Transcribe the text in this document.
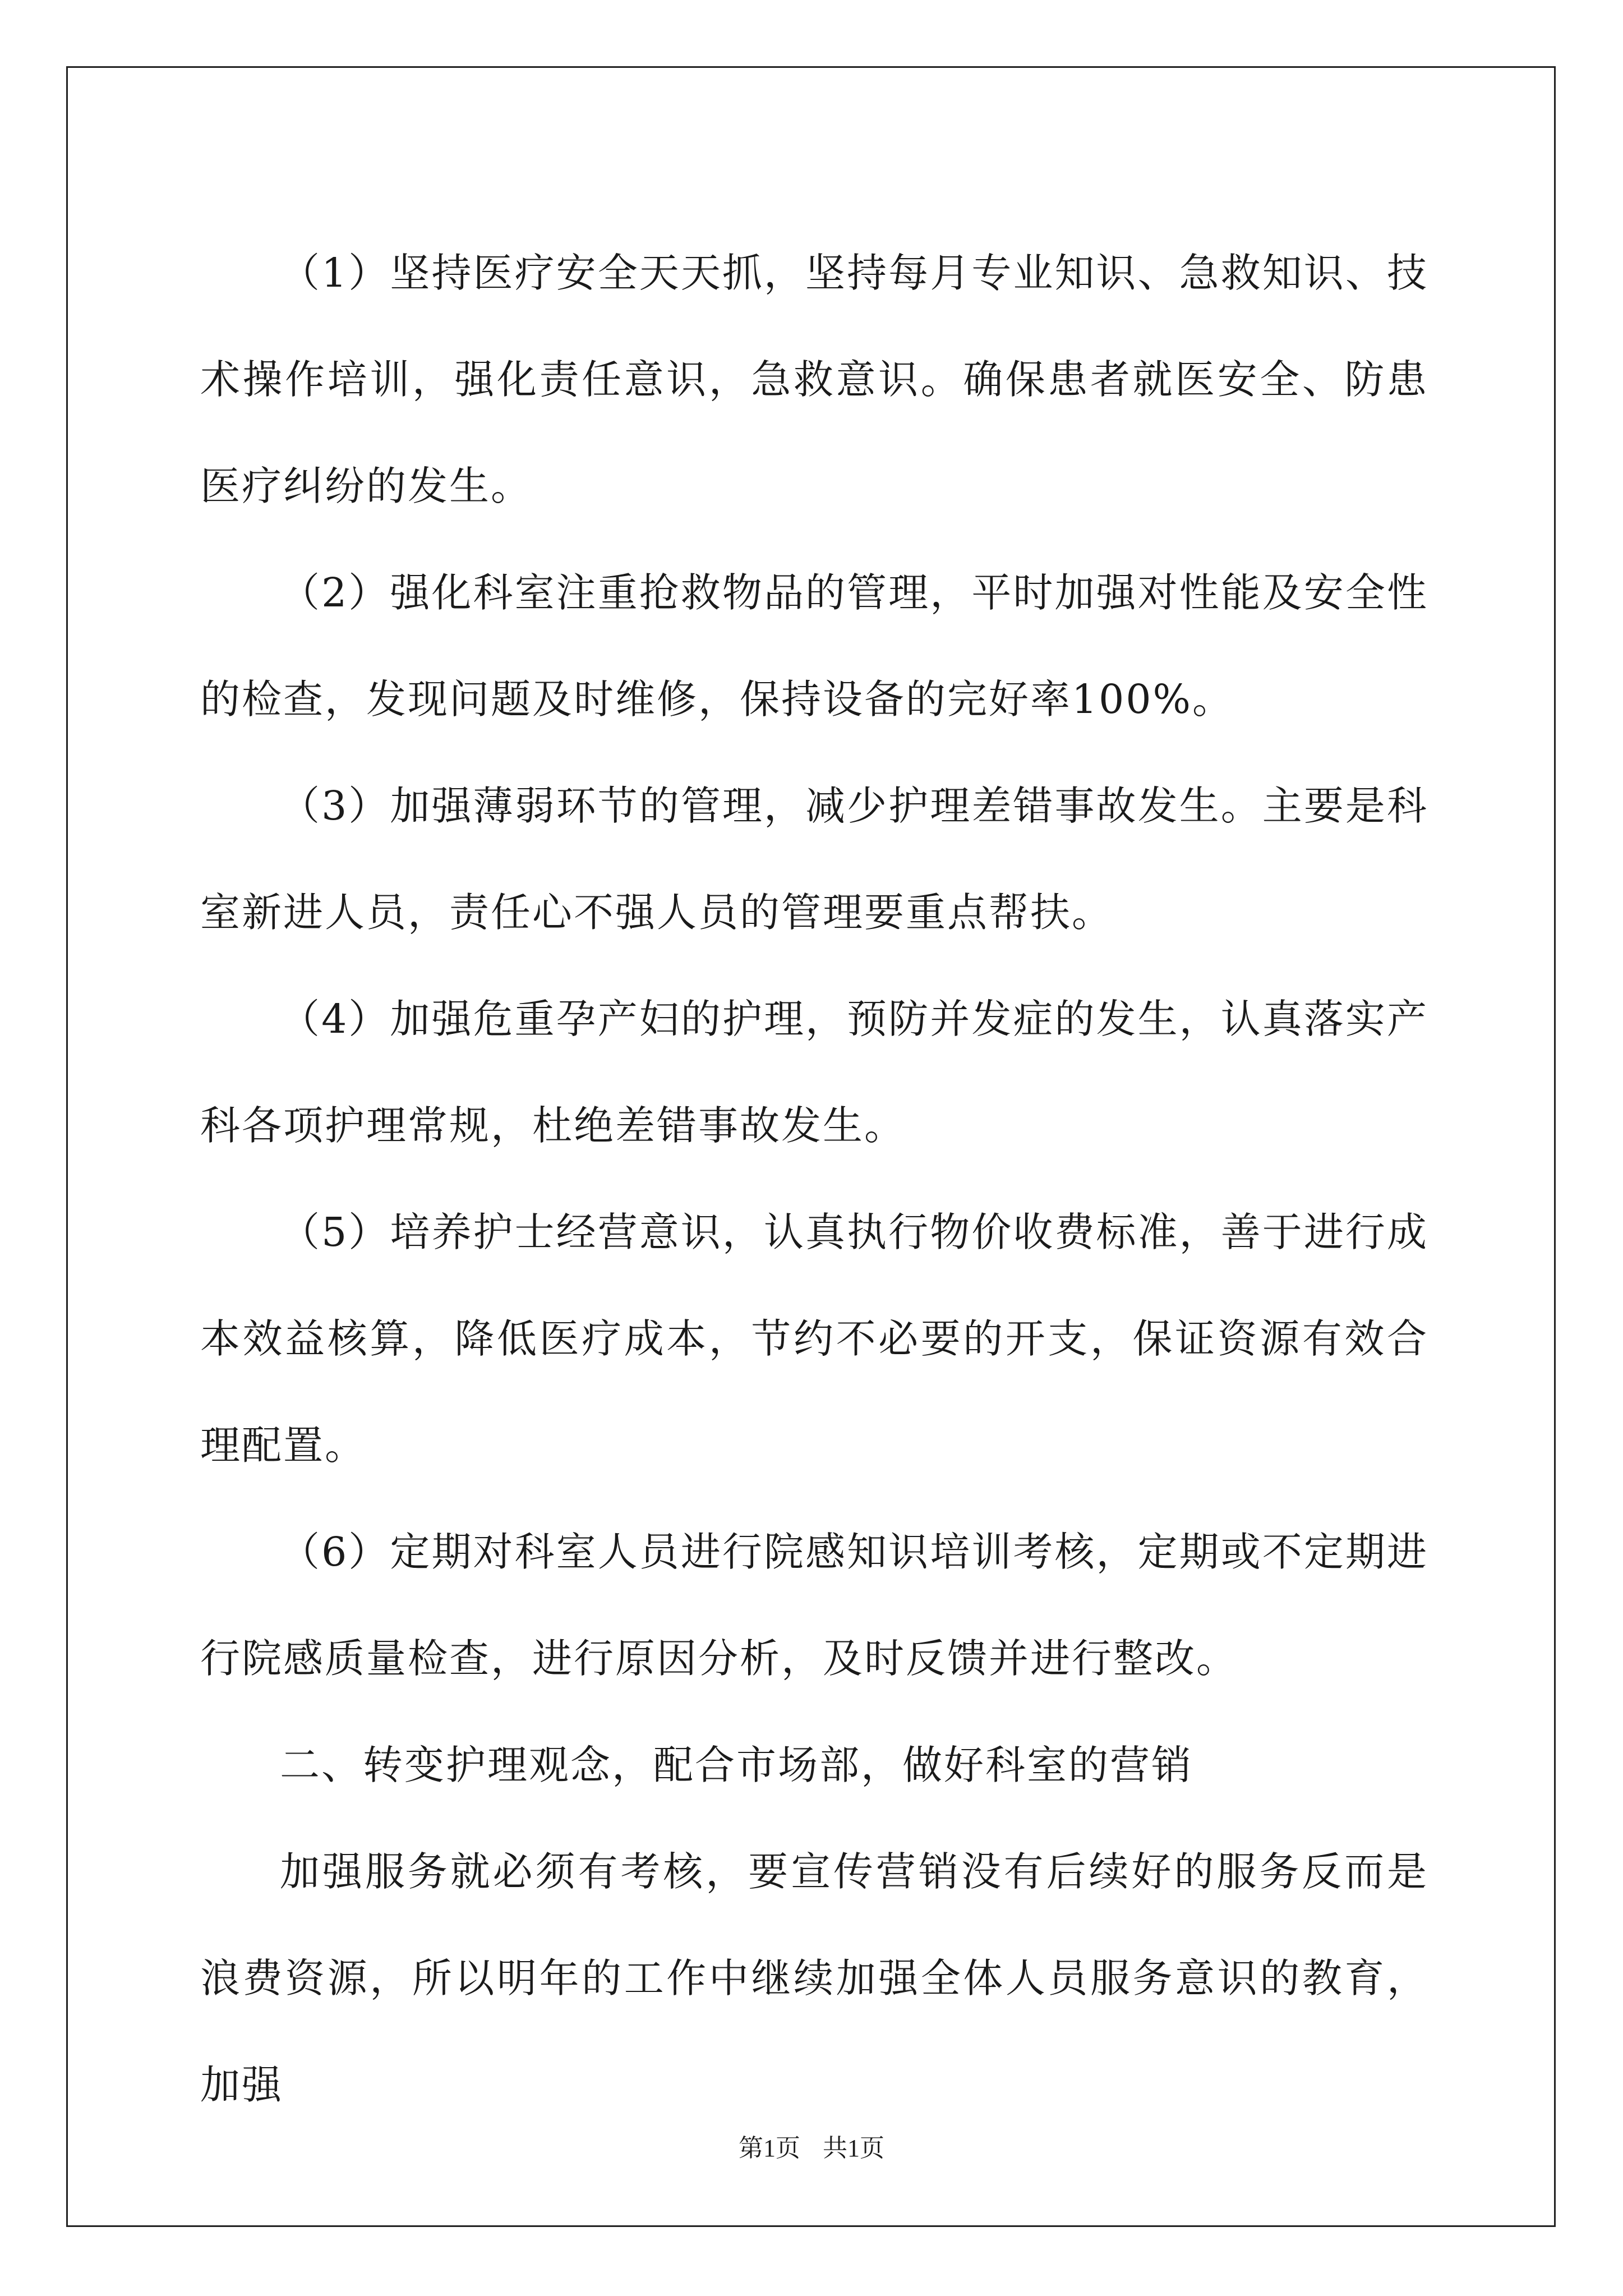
（1）坚持医疗安全天天抓，坚持每月专业知识、急救知识、技术操作培训，强化责任意识，急救意识。确保患者就医安全、防患医疗纠纷的发生。

（2）强化科室注重抢救物品的管理，平时加强对性能及安全性的检查，发现问题及时维修，保持设备的完好率100%。

（3）加强薄弱环节的管理，减少护理差错事故发生。主要是科室新进人员，责任心不强人员的管理要重点帮扶。

（4）加强危重孕产妇的护理，预防并发症的发生，认真落实产科各项护理常规，杜绝差错事故发生。

（5）培养护士经营意识，认真执行物价收费标准，善于进行成本效益核算，降低医疗成本，节约不必要的开支，保证资源有效合理配置。

（6）定期对科室人员进行院感知识培训考核，定期或不定期进行院感质量检查，进行原因分析，及时反馈并进行整改。

二、转变护理观念，配合市场部，做好科室的营销

加强服务就必须有考核，要宣传营销没有后续好的服务反而是浪费资源，所以明年的工作中继续加强全体人员服务意识的教育，加强

第1页 共1页
